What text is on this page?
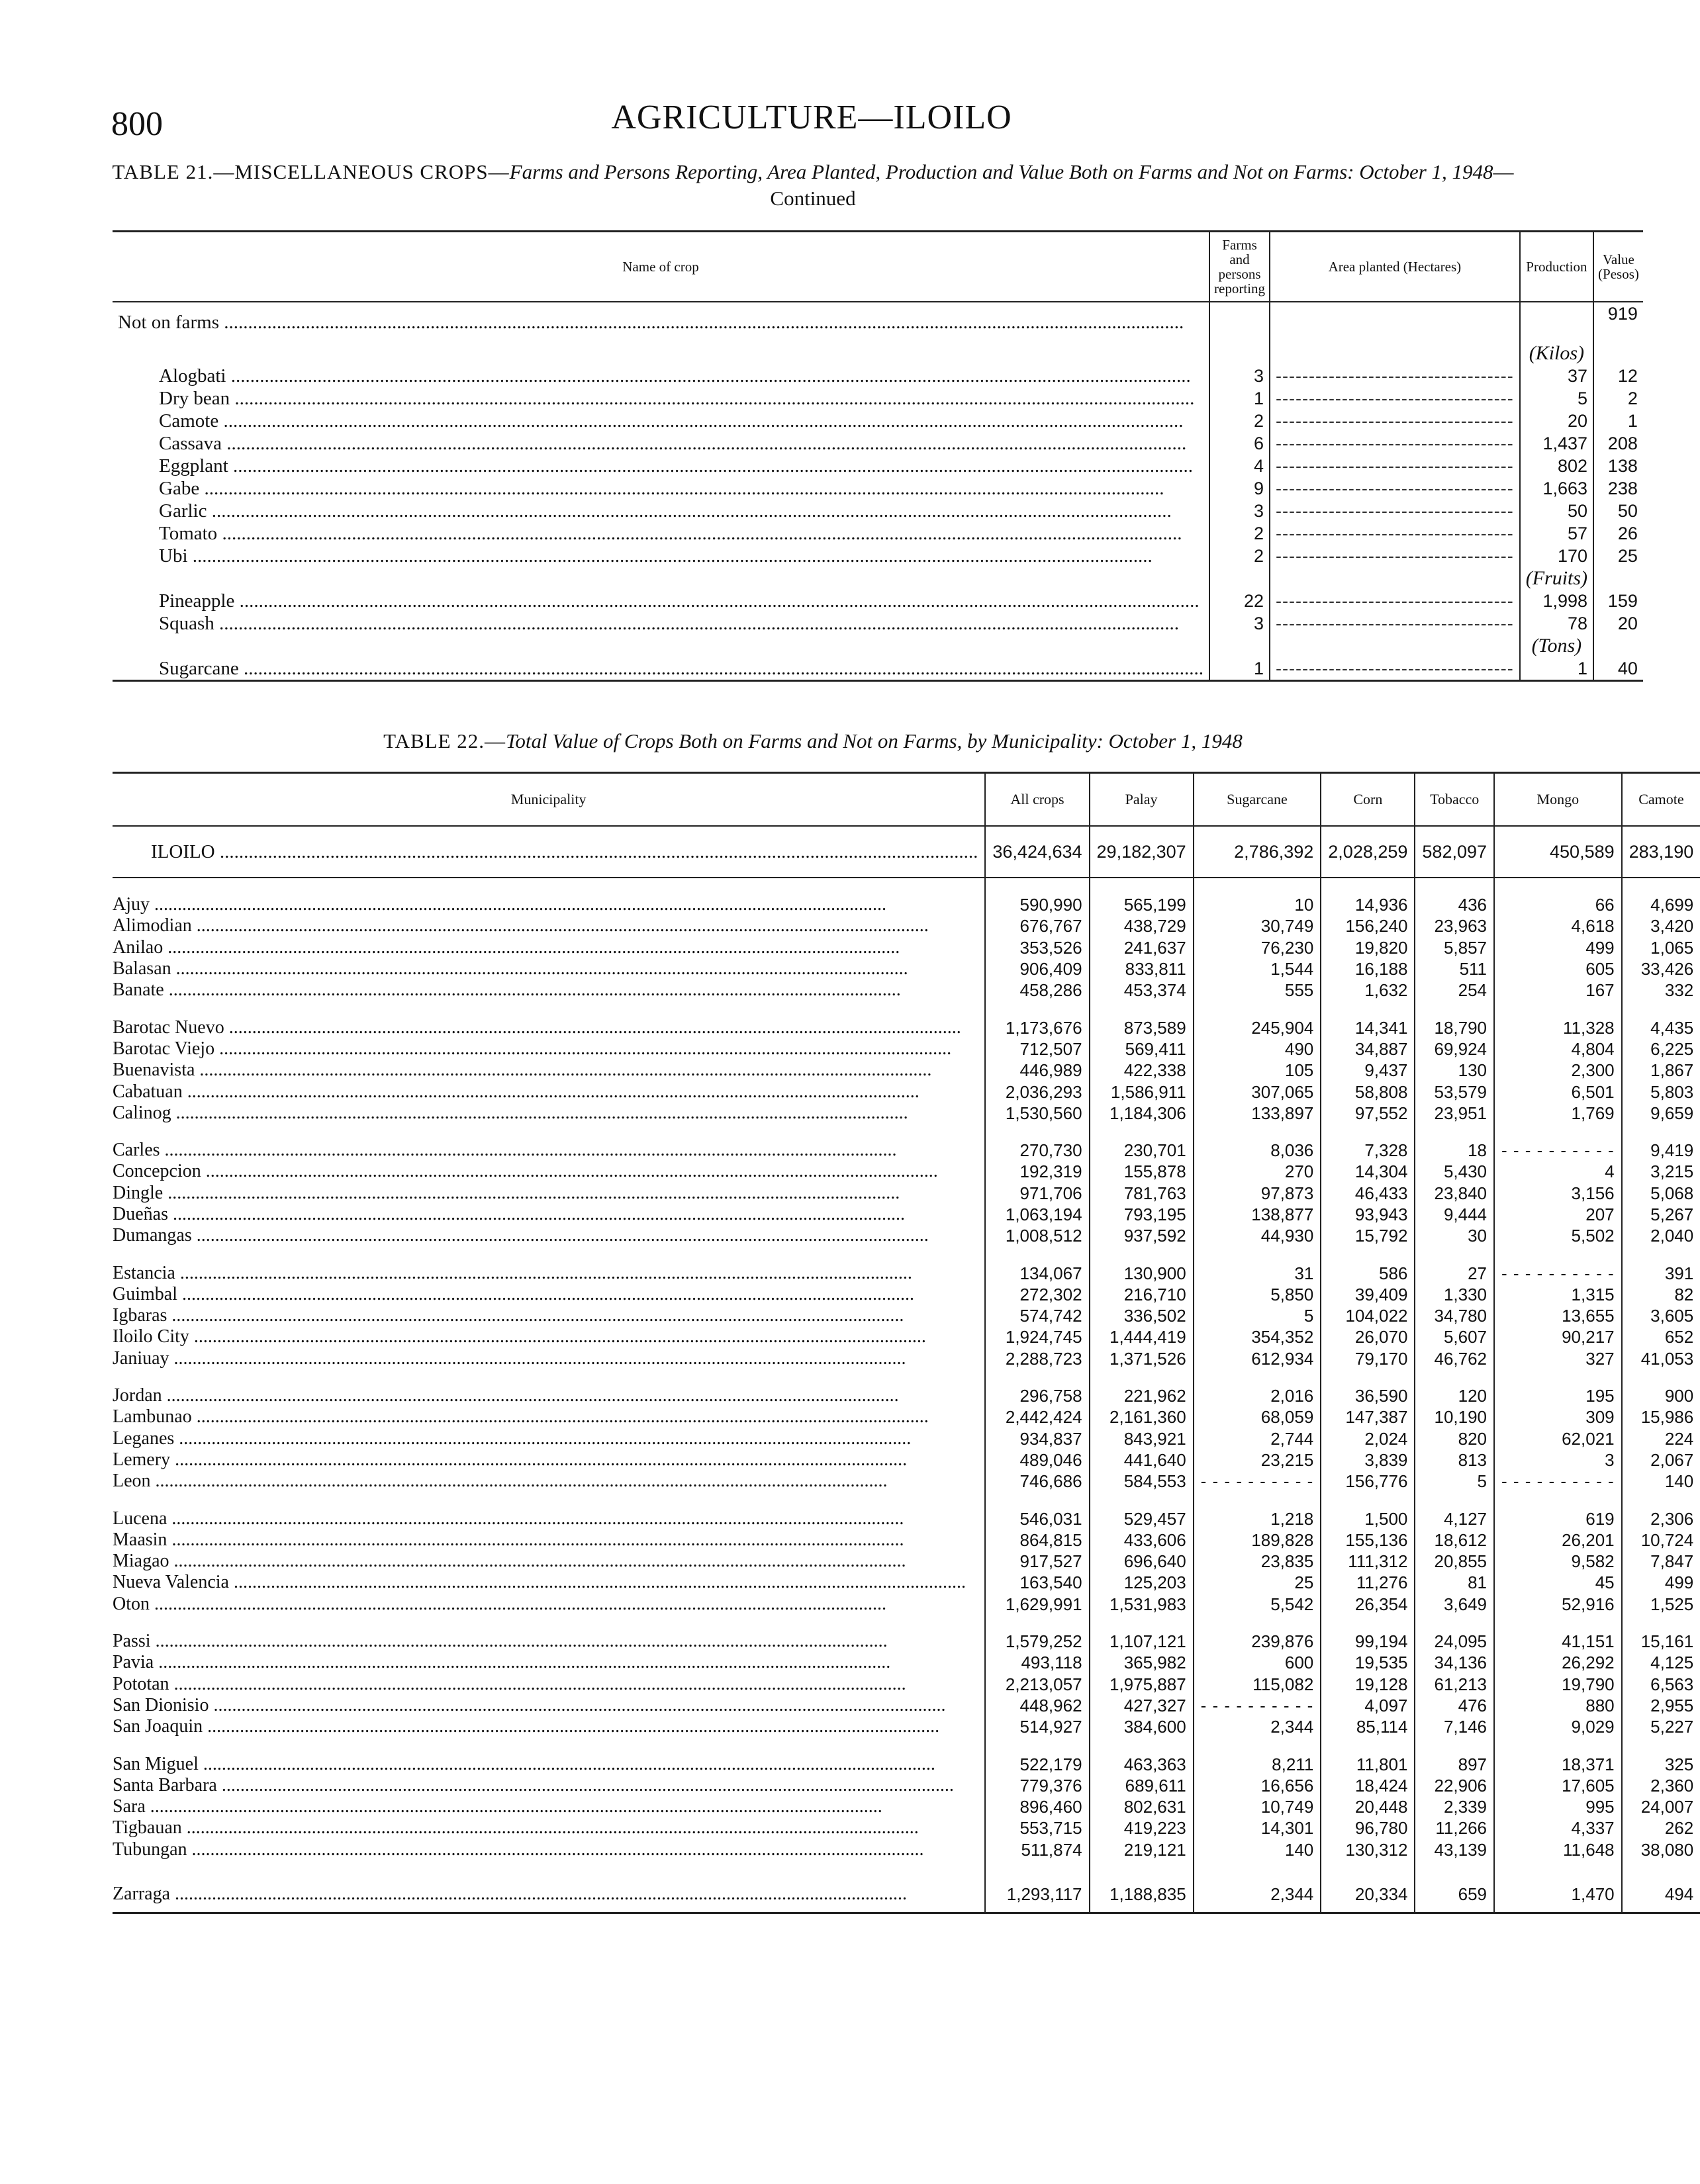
800	AGRICULTURE—ILOILO
TABLE 21.—MISCELLANEOUS CROPS—Farms and Persons Reporting, Area Planted, Production and Value Both on Farms and Not on Farms: October 1, 1948—Continued
Name of crop	Farms and persons reporting	Area planted (Hectares)	Production	Value (Pesos)

Not on farms .....				919
			(Kilos)	

Alogbati .....	3	-----	37	12

Dry bean .....	1	-----	5	2

Camote .....	2	-----	20	1

Cassava .....	6	-----	1,437	208

Eggplant .....	4	-----	802	138

Gabe .....	9	-----	1,663	238

Garlic .....	3	-----	50	50

Tomato .....	2	-----	57	26

Ubi .....	2	-----	170	25
			(Fruits)	

Pineapple .....	22	-----	1,998	159

Squash .....	3	-----	78	20
			(Tons)	

Sugarcane .....	1	-----	1	40
TABLE 22.—Total Value of Crops Both on Farms and Not on Farms, by Municipality: October 1, 1948
Municipality	All crops	Palay	Sugarcane	Corn	Tobacco	Mongo	Camote

ILOILO .....	36,424,634	29,182,307	2,786,392	2,028,259	582,097	450,589	283,190

Ajuy .....	590,990	565,199	10	14,936	436	66	4,699

Alimodian .....	676,767	438,729	30,749	156,240	23,963	4,618	3,420

Anilao .....	353,526	241,637	76,230	19,820	5,857	499	1,065

Balasan .....	906,409	833,811	1,544	16,188	511	605	33,426

Banate .....	458,286	453,374	555	1,632	254	167	332

Barotac Nuevo .....	1,173,676	873,589	245,904	14,341	18,790	11,328	4,435

Barotac Viejo .....	712,507	569,411	490	34,887	69,924	4,804	6,225

Buenavista .....	446,989	422,338	105	9,437	130	2,300	1,867

Cabatuan .....	2,036,293	1,586,911	307,065	58,808	53,579	6,501	5,803

Calinog .....	1,530,560	1,184,306	133,897	97,552	23,951	1,769	9,659

Carles .....	270,730	230,701	8,036	7,328	18	- - - - - - - - - -	9,419

Concepcion .....	192,319	155,878	270	14,304	5,430	4	3,215

Dingle .....	971,706	781,763	97,873	46,433	23,840	3,156	5,068

Dueñas .....	1,063,194	793,195	138,877	93,943	9,444	207	5,267

Dumangas .....	1,008,512	937,592	44,930	15,792	30	5,502	2,040

Estancia .....	134,067	130,900	31	586	27	- - - - - - - - - -	391

Guimbal .....	272,302	216,710	5,850	39,409	1,330	1,315	82

Igbaras .....	574,742	336,502	5	104,022	34,780	13,655	3,605

Iloilo City .....	1,924,745	1,444,419	354,352	26,070	5,607	90,217	652

Janiuay .....	2,288,723	1,371,526	612,934	79,170	46,762	327	41,053

Jordan .....	296,758	221,962	2,016	36,590	120	195	900

Lambunao .....	2,442,424	2,161,360	68,059	147,387	10,190	309	15,986

Leganes .....	934,837	843,921	2,744	2,024	820	62,021	224

Lemery .....	489,046	441,640	23,215	3,839	813	3	2,067

Leon .....	746,686	584,553	- - - - - - - - - -	156,776	5	- - - - - - - - - -	140

Lucena .....	546,031	529,457	1,218	1,500	4,127	619	2,306

Maasin .....	864,815	433,606	189,828	155,136	18,612	26,201	10,724

Miagao .....	917,527	696,640	23,835	111,312	20,855	9,582	7,847

Nueva Valencia .....	163,540	125,203	25	11,276	81	45	499

Oton .....	1,629,991	1,531,983	5,542	26,354	3,649	52,916	1,525

Passi .....	1,579,252	1,107,121	239,876	99,194	24,095	41,151	15,161

Pavia .....	493,118	365,982	600	19,535	34,136	26,292	4,125

Pototan .....	2,213,057	1,975,887	115,082	19,128	61,213	19,790	6,563

San Dionisio .....	448,962	427,327	- - - - - - - - - -	4,097	476	880	2,955

San Joaquin .....	514,927	384,600	2,344	85,114	7,146	9,029	5,227

San Miguel .....	522,179	463,363	8,211	11,801	897	18,371	325

Santa Barbara .....	779,376	689,611	16,656	18,424	22,906	17,605	2,360

Sara .....	896,460	802,631	10,749	20,448	2,339	995	24,007

Tigbauan .....	553,715	419,223	14,301	96,780	11,266	4,337	262

Tubungan .....	511,874	219,121	140	130,312	43,139	11,648	38,080

Zarraga .....	1,293,117	1,188,835	2,344	20,334	659	1,470	494
